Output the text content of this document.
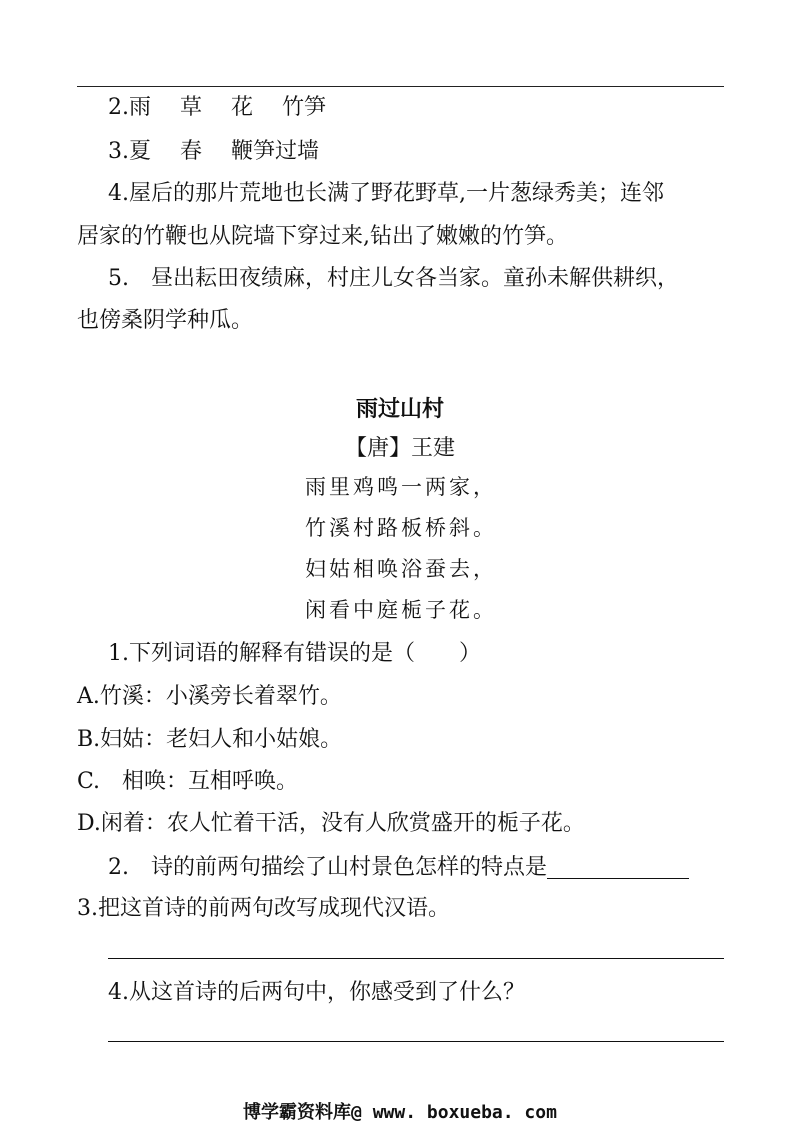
2.雨　 草　 花　 竹笋
3.夏　 春　 鞭笋过墙
4.屋后的那片荒地也长满了野花野草,一片葱绿秀美；连邻
居家的竹鞭也从院墙下穿过来,钻出了嫩嫩的竹笋。
5.　昼出耘田夜绩麻，村庄儿女各当家。童孙未解供耕织，
也傍桑阴学种瓜。
雨过山村
【唐】王建
雨里鸡鸣一两家，
竹溪村路板桥斜。
妇姑相唤浴蚕去，
闲看中庭栀子花。
1.下列词语的解释有错误的是（　　）
A.竹溪：小溪旁长着翠竹。
B.妇姑：老妇人和小姑娘。
C.　相唤：互相呼唤。
D.闲着：农人忙着干活，没有人欣赏盛开的栀子花。
2.　诗的前两句描绘了山村景色怎样的特点是
3.把这首诗的前两句改写成现代汉语。
4.从这首诗的后两句中，你感受到了什么？
博学霸资料库@ www. boxueba. com
